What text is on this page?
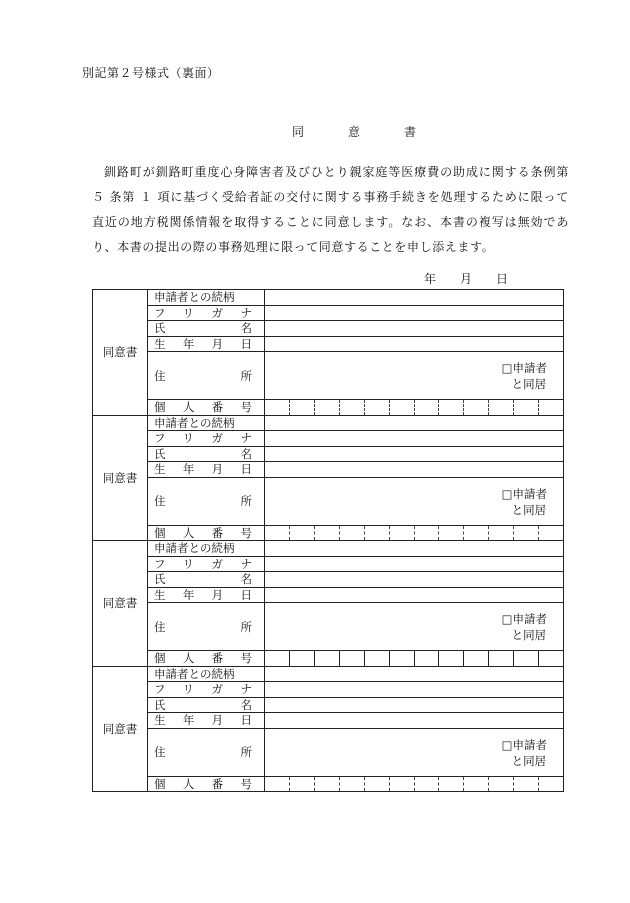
別記第２号様式（裏面）
同　意　書
釧路町が釧路町重度心身障害者及びひとり親家庭等医療費の助成に関する条例第 ５ 条第 １ 項に基づく受給者証の交付に関する事務手続きを処理するために限って直近の地方税関係情報を取得することに同意します。なお、本書の複写は無効であり、本書の提出の際の事務処理に限って同意することを申し添えます。
年 月 日
同意書	申請者との続柄	
	フリガナ	
	氏名	
	生年月日	
	住所	□申請者
と同居

	個人番号	

同意書	申請者との続柄	
	フリガナ	
	氏名	
	生年月日	
	住所	□申請者
と同居

	個人番号	

同意書	申請者との続柄	
	フリガナ	
	氏名	
	生年月日	
	住所	□申請者
と同居

	個人番号	

同意書	申請者との続柄	
	フリガナ	
	氏名	
	生年月日	
	住所	□申請者
と同居

	個人番号	
